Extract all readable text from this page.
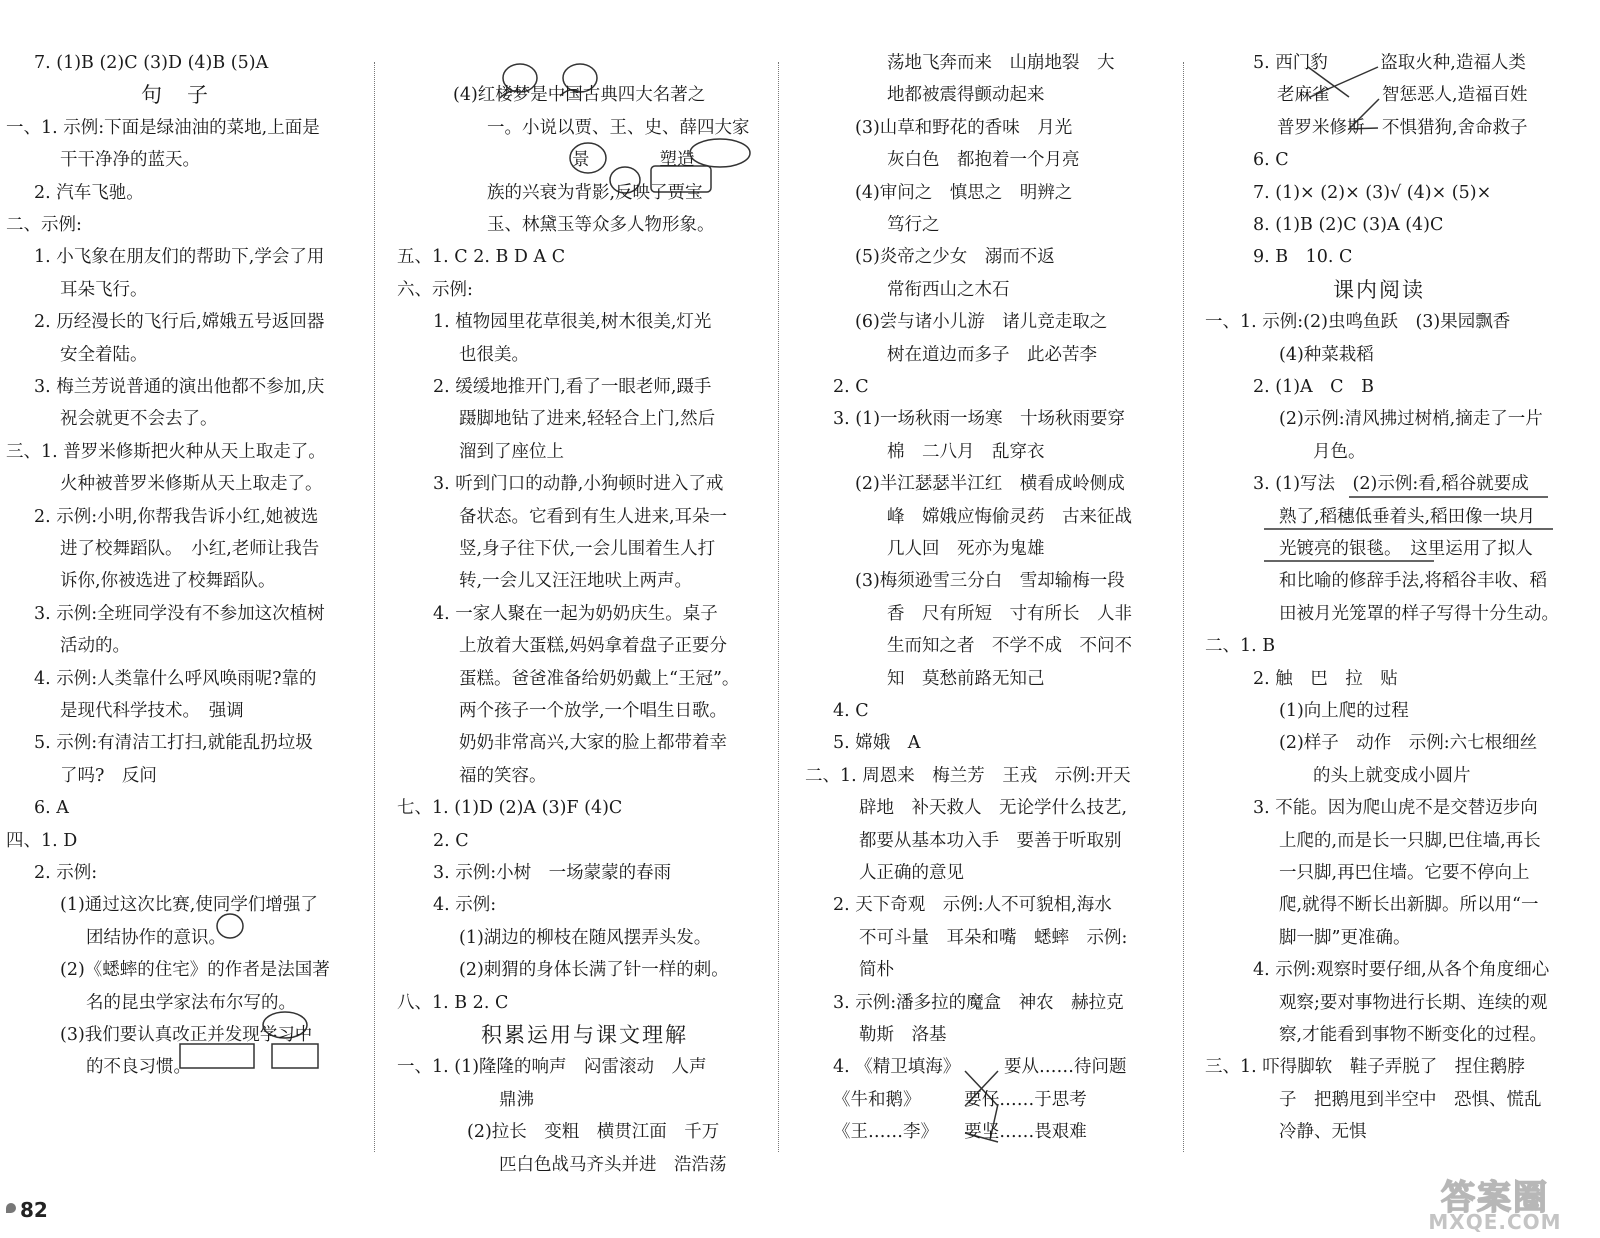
7. (1)B (2)C (3)D (4)B (5)A
句　子
一、1. 示例:下面是绿油油的菜地,上面是
干干净净的蓝天。
2. 汽车飞驰。
二、示例:
1. 小飞象在朋友们的帮助下,学会了用
耳朵飞行。
2. 历经漫长的飞行后,嫦娥五号返回器
安全着陆。
3. 梅兰芳说普通的演出他都不参加,庆
祝会就更不会去了。
三、1. 普罗米修斯把火种从天上取走了。
火种被普罗米修斯从天上取走了。
2. 示例:小明,你帮我告诉小红,她被选
进了校舞蹈队。　小红,老师让我告
诉你,你被选进了校舞蹈队。
3. 示例:全班同学没有不参加这次植树
活动的。
4. 示例:人类靠什么呼风唤雨呢?靠的
是现代科学技术。　强调
5. 示例:有清洁工打扫,就能乱扔垃圾
了吗?　反问
6. A
四、1. D
2. 示例:
(1)通过这次比赛,使同学们增强了
团结协作的意识。
(2)《蟋蟀的住宅》的作者是法国著
名的昆虫学家法布尔写的。
(3)我们要认真改正并发现学习中
的不良习惯。
(4)红楼梦是中国古典四大名著之
一。小说以贾、王、史、薛四大家
景　　　　塑造
族的兴衰为背影,反映了贾宝
玉、林黛玉等众多人物形象。
五、1. C 2. B D A C
六、示例:
1. 植物园里花草很美,树木很美,灯光
也很美。
2. 缓缓地推开门,看了一眼老师,蹑手
蹑脚地钻了进来,轻轻合上门,然后
溜到了座位上
3. 听到门口的动静,小狗顿时进入了戒
备状态。它看到有生人进来,耳朵一
竖,身子往下伏,一会儿围着生人打
转,一会儿又汪汪地吠上两声。
4. 一家人聚在一起为奶奶庆生。桌子
上放着大蛋糕,妈妈拿着盘子正要分
蛋糕。爸爸准备给奶奶戴上“王冠”。
两个孩子一个放学,一个唱生日歌。
奶奶非常高兴,大家的脸上都带着幸
福的笑容。
七、1. (1)D (2)A (3)F (4)C
2. C
3. 示例:小树　一场蒙蒙的春雨
4. 示例:
(1)湖边的柳枝在随风摆弄头发。
(2)刺猬的身体长满了针一样的刺。
八、1. B 2. C
积累运用与课文理解
一、1. (1)隆隆的响声　闷雷滚动　人声
鼎沸
(2)拉长　变粗　横贯江面　千万
匹白色战马齐头并进　浩浩荡
荡地飞奔而来　山崩地裂　大
地都被震得颤动起来
(3)山草和野花的香味　月光
灰白色　都抱着一个月亮
(4)审问之　慎思之　明辨之
笃行之
(5)炎帝之少女　溺而不返
常衔西山之木石
(6)尝与诸小儿游　诸儿竞走取之
树在道边而多子　此必苦李
2. C
3. (1)一场秋雨一场寒　十场秋雨要穿
棉　二八月　乱穿衣
(2)半江瑟瑟半江红　横看成岭侧成
峰　嫦娥应悔偷灵药　古来征战
几人回　死亦为鬼雄
(3)梅须逊雪三分白　雪却输梅一段
香　尺有所短　寸有所长　人非
生而知之者　不学不成　不问不
知　莫愁前路无知己
4. C
5. 嫦娥　A
二、1. 周恩来　梅兰芳　王戎　示例:开天
辟地　补天救人　无论学什么技艺,
都要从基本功入手　要善于听取别
人正确的意见
2. 天下奇观　示例:人不可貌相,海水
不可斗量　耳朵和嘴　蟋蟀　示例:
简朴
3. 示例:潘多拉的魔盒　神农　赫拉克
勒斯　洛基
4. 《精卫填海》　　　要从……待问题
《牛和鹅》　　　要仔……于思考
《王……李》　　要坚……畏艰难
5. 西门豹　　　盗取火种,造福人类
老麻雀　　　智惩恶人,造福百姓
普罗米修斯　不惧猎狗,舍命救子
6. C
7. (1)× (2)× (3)√ (4)× (5)×
8. (1)B (2)C (3)A (4)C
9. B　10. C
课内阅读
一、1. 示例:(2)虫鸣鱼跃　(3)果园飘香
(4)种菜栽稻
2. (1)A　C　B
(2)示例:清风拂过树梢,摘走了一片
月色。
3. (1)写法　(2)示例:看,稻谷就要成
熟了,稻穗低垂着头,稻田像一块月
光镀亮的银毯。　这里运用了拟人
和比喻的修辞手法,将稻谷丰收、稻
田被月光笼罩的样子写得十分生动。
二、1. B
2. 触　巴　拉　贴
(1)向上爬的过程
(2)样子　动作　示例:六七根细丝
的头上就变成小圆片
3. 不能。因为爬山虎不是交替迈步向
上爬的,而是长一只脚,巴住墙,再长
一只脚,再巴住墙。它要不停向上
爬,就得不断长出新脚。所以用“一
脚一脚”更准确。
4. 示例:观察时要仔细,从各个角度细心
观察;要对事物进行长期、连续的观
察,才能看到事物不断变化的过程。
三、1. 吓得脚软　鞋子弄脱了　捏住鹅脖
子　把鹅甩到半空中　恐惧、慌乱
冷静、无惧
82	答案圈
MXQE.COM
